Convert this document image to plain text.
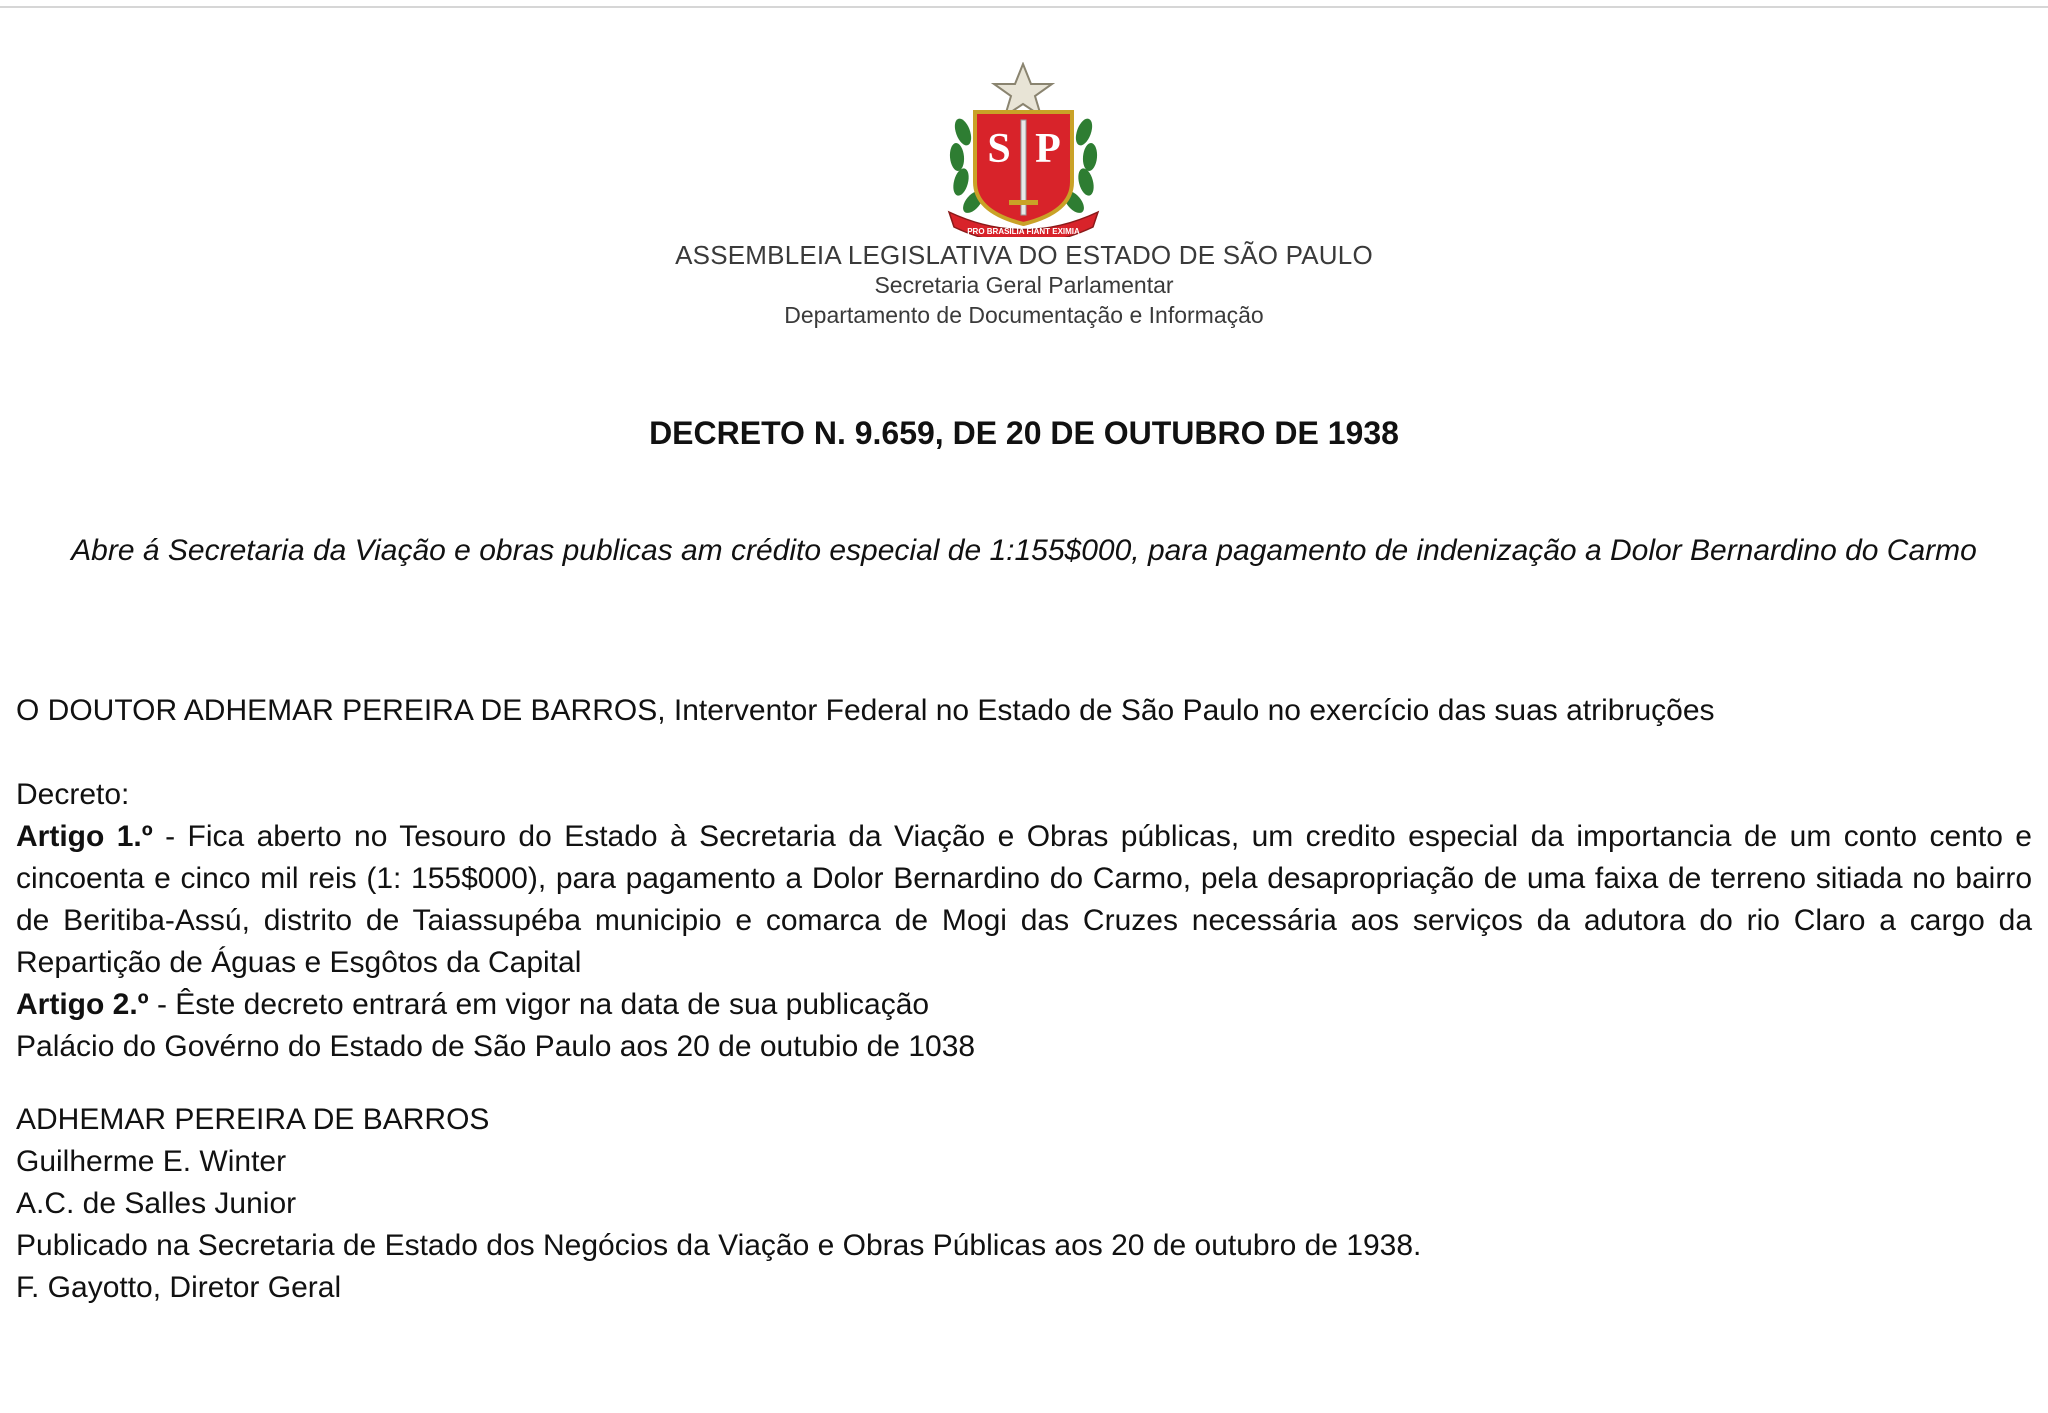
S P
PRO BRASILIA FIANT EXIMIA
ASSEMBLEIA LEGISLATIVA DO ESTADO DE SÃO PAULO
Secretaria Geral Parlamentar
Departamento de Documentação e Informação
DECRETO N. 9.659, DE 20 DE OUTUBRO DE 1938
Abre á Secretaria da Viação e obras publicas am crédito especial de 1:155$000, para pagamento de indenização a Dolor Bernardino do Carmo

O DOUTOR ADHEMAR PEREIRA DE BARROS, Interventor Federal no Estado de São Paulo no exercício das suas atribruções

Decreto:

Artigo 1.º - Fica aberto no Tesouro do Estado à Secretaria da Viação e Obras públicas, um credito especial da importancia de um conto cento e cincoenta e cinco mil reis (1: 155$000), para pagamento a Dolor Bernardino do Carmo, pela desapropriação de uma faixa de terreno sitiada no bairro de Beritiba-Assú, distrito de Taiassupéba municipio e comarca de Mogi das Cruzes necessária aos serviços da adutora do rio Claro a cargo da Repartição de Águas e Esgôtos da Capital

Artigo 2.º - Êste decreto entrará em vigor na data de sua publicação

Palácio do Govérno do Estado de São Paulo aos 20 de outubio de 1038

ADHEMAR PEREIRA DE BARROS

Guilherme E. Winter

A.C. de Salles Junior

Publicado na Secretaria de Estado dos Negócios da Viação e Obras Públicas aos 20 de outubro de 1938.

F. Gayotto, Diretor Geral
